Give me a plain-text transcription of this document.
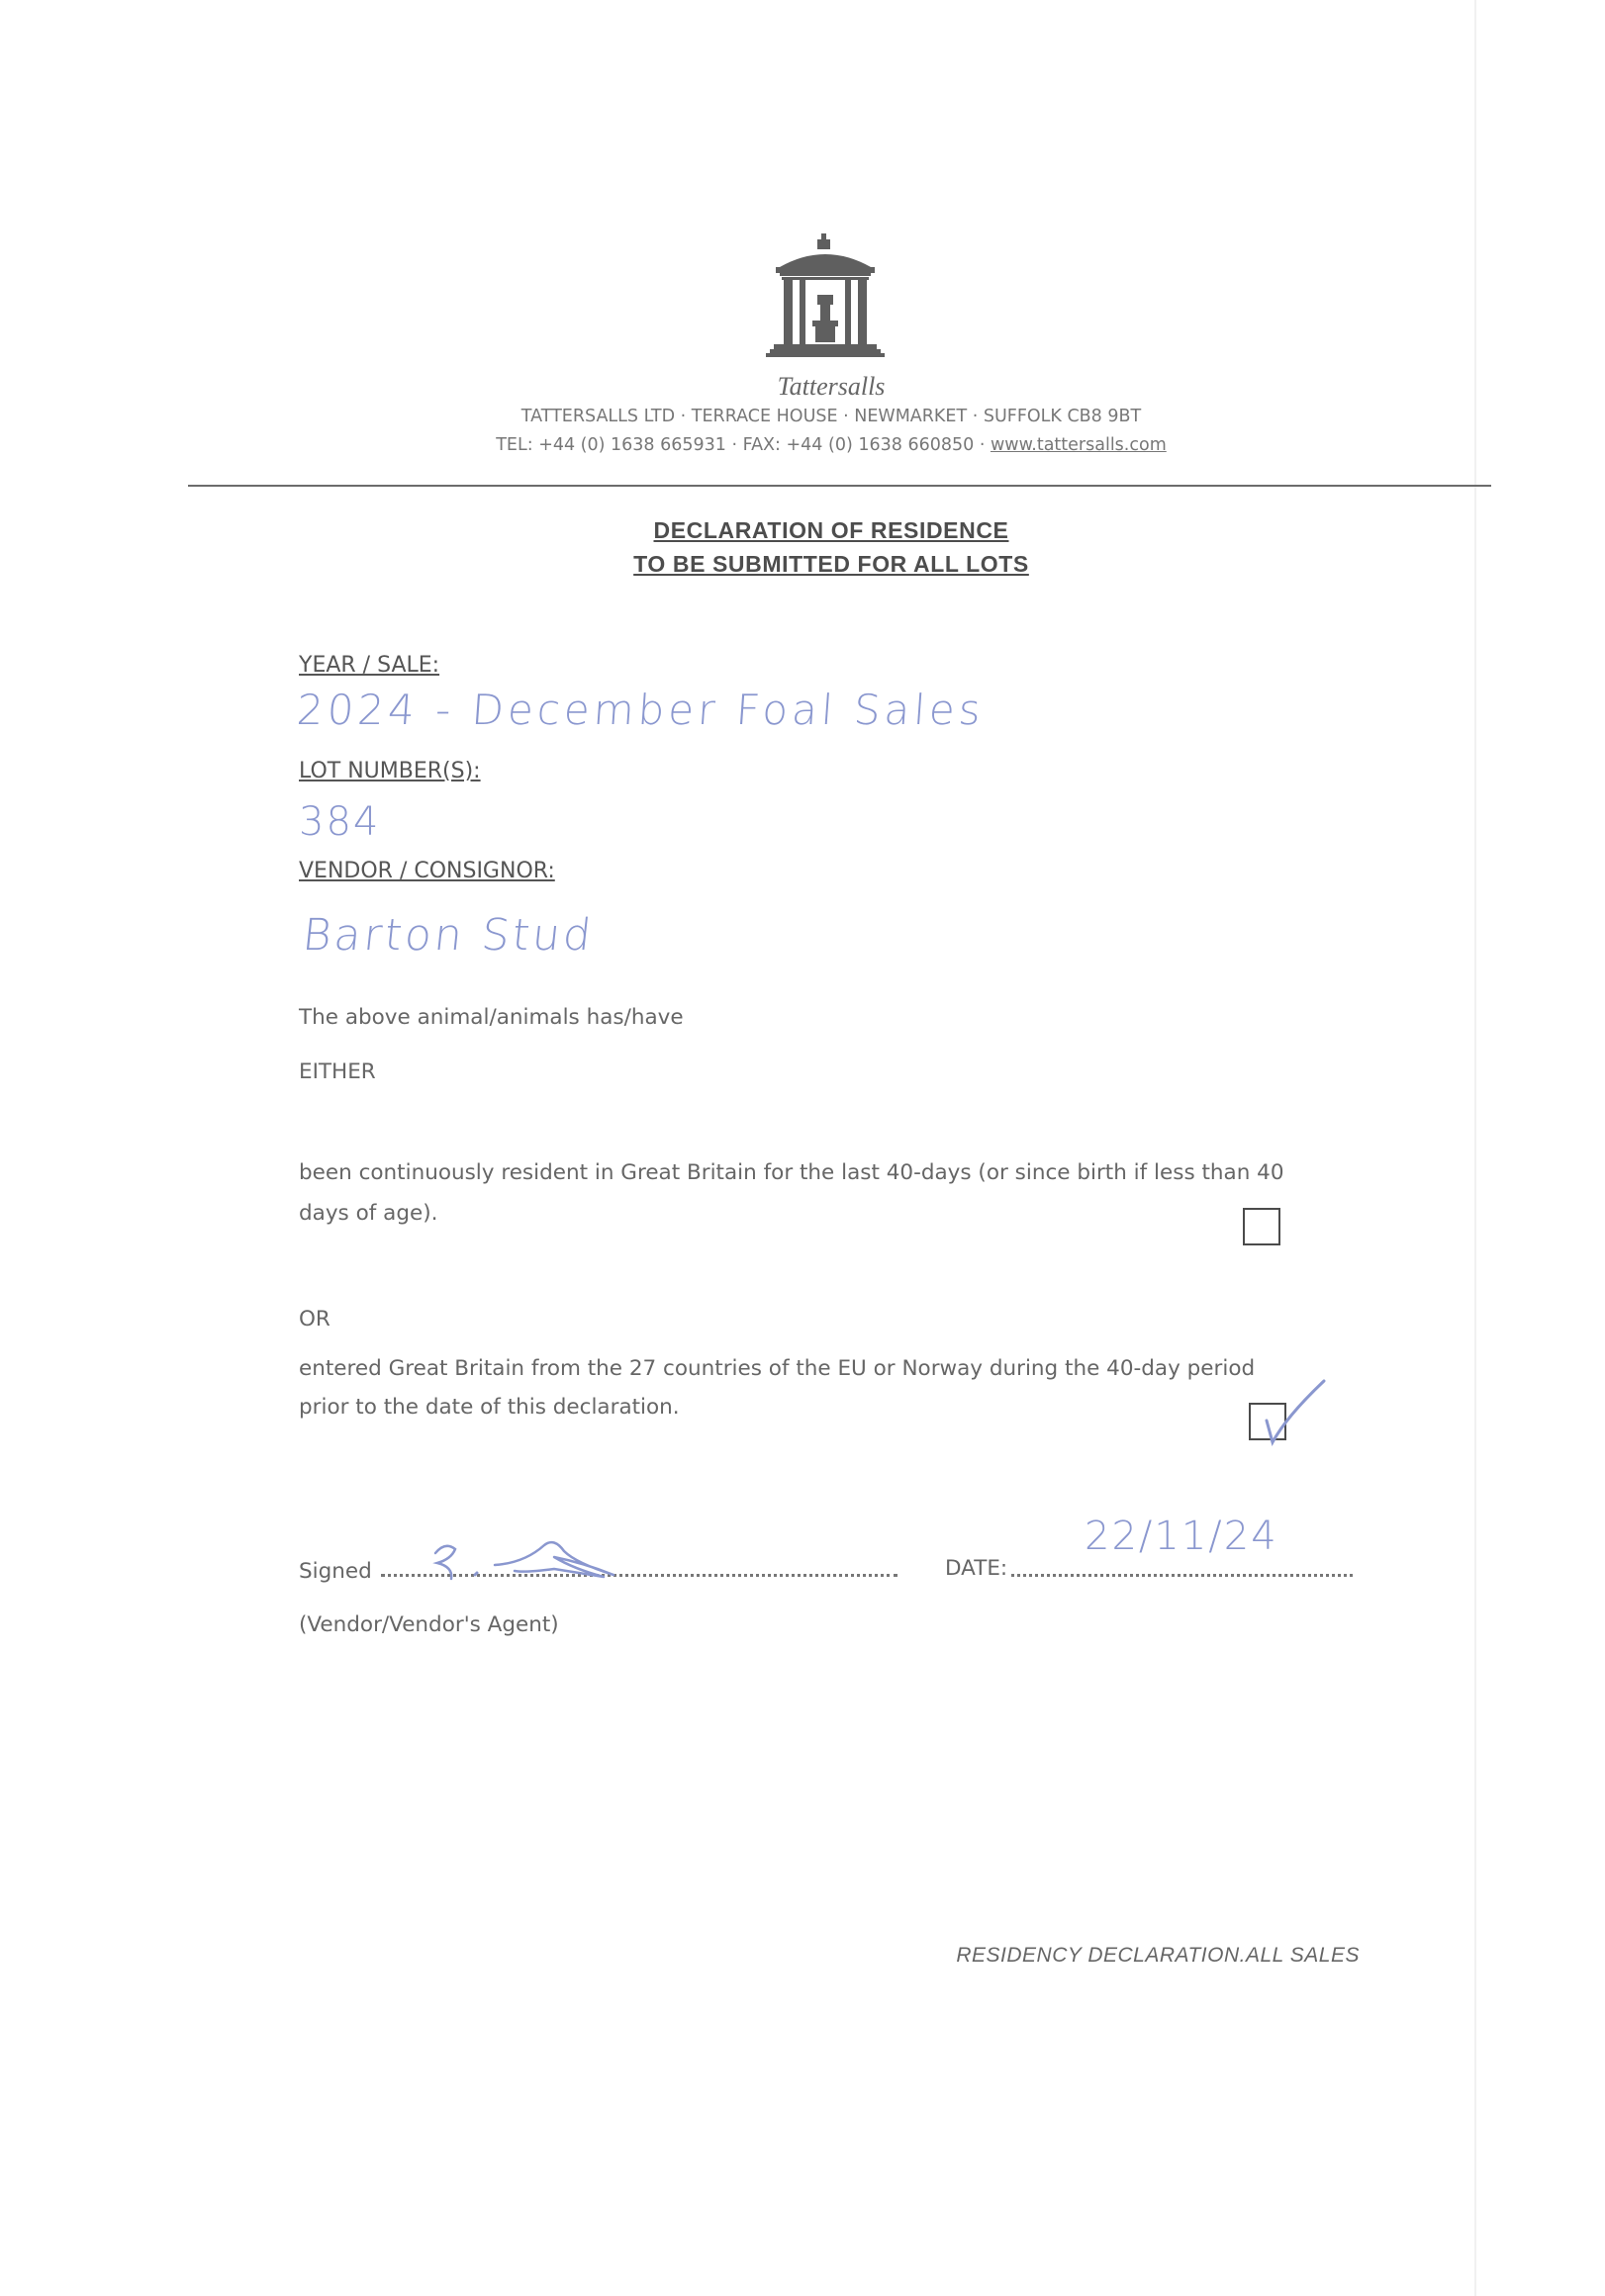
Tattersalls
TATTERSALLS LTD · TERRACE HOUSE · NEWMARKET · SUFFOLK CB8 9BT
TEL: +44 (0) 1638 665931 · FAX: +44 (0) 1638 660850 · www.tattersalls.com
DECLARATION OF RESIDENCE
TO BE SUBMITTED FOR ALL LOTS
YEAR / SALE:
2024 - December Foal Sales
LOT NUMBER(S):
384
VENDOR / CONSIGNOR:
Barton Stud
The above animal/animals has/have
EITHER
been continuously resident in Great Britain for the last 40-days (or since birth if less than 40
days of age).
OR
entered Great Britain from the 27 countries of the EU or Norway during the 40-day period
prior to the date of this declaration.
Signed	DATE:
22/11/24
(Vendor/Vendor's Agent)
RESIDENCY DECLARATION.ALL SALES
